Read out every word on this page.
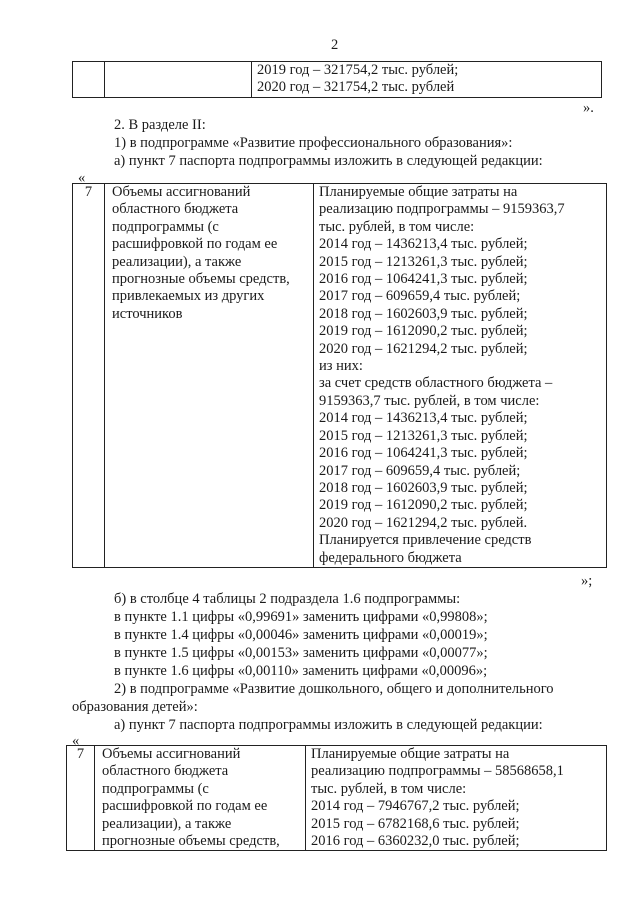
2

2019 год – 321754,2 тыс. рублей;
2020 год – 321754,2 тыс. рублей
».
2. В разделе II:
1) в подпрограмме «Развитие профессионального образования»:
а) пункт 7 паспорта подпрограммы изложить в следующей редакции:
«
7	Объемы ассигнований
областного бюджета
подпрограммы (с
расшифровкой по годам ее
реализации), а также
прогнозные объемы средств,
привлекаемых из других
источников

Планируемые общие затраты на
реализацию подпрограммы – 9159363,7
тыс. рублей, в том числе:
2014 год – 1436213,4 тыс. рублей;
2015 год – 1213261,3 тыс. рублей;
2016 год – 1064241,3 тыс. рублей;
2017 год – 609659,4 тыс. рублей;
2018 год – 1602603,9 тыс. рублей;
2019 год – 1612090,2 тыс. рублей;
2020 год – 1621294,2 тыс. рублей;
из них:
за счет средств областного бюджета –
9159363,7 тыс. рублей, в том числе:
2014 год – 1436213,4 тыс. рублей;
2015 год – 1213261,3 тыс. рублей;
2016 год – 1064241,3 тыс. рублей;
2017 год – 609659,4 тыс. рублей;
2018 год – 1602603,9 тыс. рублей;
2019 год – 1612090,2 тыс. рублей;
2020 год – 1621294,2 тыс. рублей.
Планируется привлечение средств
федерального бюджета
»;
б) в столбце 4 таблицы 2 подраздела 1.6 подпрограммы:
в пункте 1.1 цифры «0,99691» заменить цифрами «0,99808»;
в пункте 1.4 цифры «0,00046» заменить цифрами «0,00019»;
в пункте 1.5 цифры «0,00153» заменить цифрами «0,00077»;
в пункте 1.6 цифры «0,00110» заменить цифрами «0,00096»;
2) в подпрограмме «Развитие дошкольного, общего и дополнительного
образования детей»:
а) пункт 7 паспорта подпрограммы изложить в следующей редакции:
«
7	Объемы ассигнований
областного бюджета
подпрограммы (с
расшифровкой по годам ее
реализации), а также
прогнозные объемы средств,

Планируемые общие затраты на
реализацию подпрограммы – 58568658,1
тыс. рублей, в том числе:
2014 год – 7946767,2 тыс. рублей;
2015 год – 6782168,6 тыс. рублей;
2016 год – 6360232,0 тыс. рублей;
